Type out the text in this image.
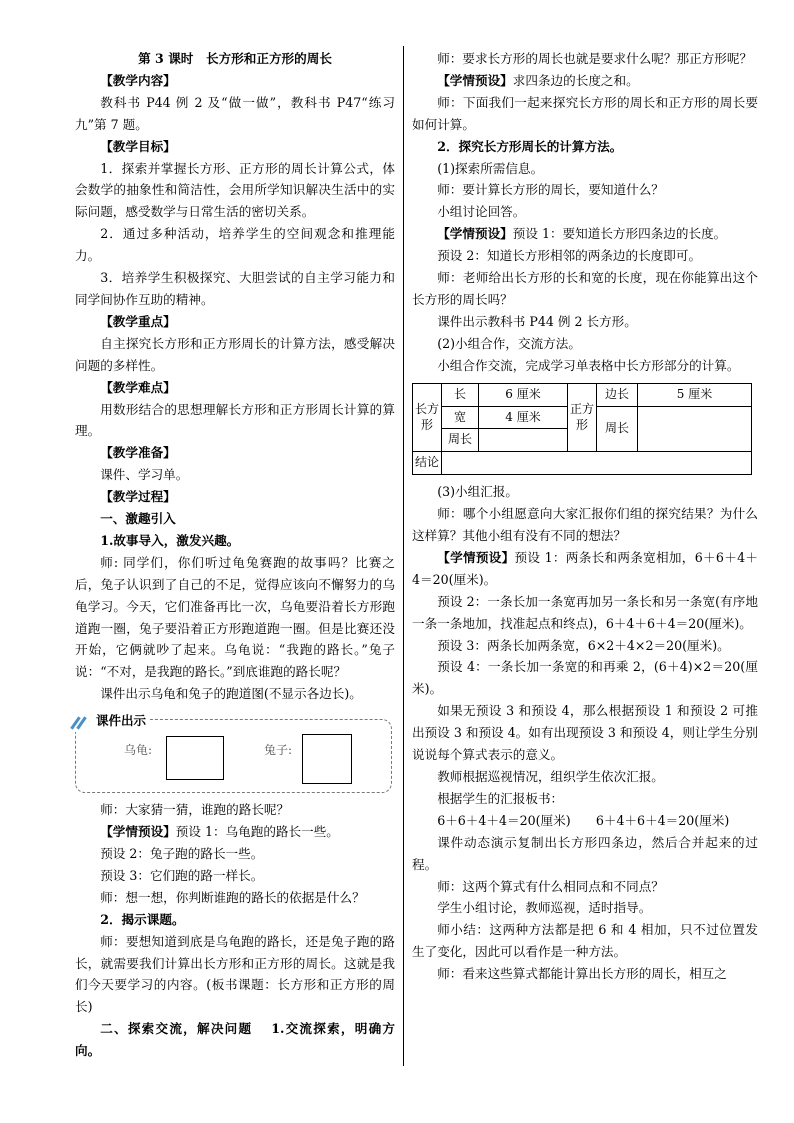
第 3 课时　长方形和正方形的周长

【教学内容】

教科书 P44 例 2 及“做一做”，教科书 P47“练习九”第 7 题。

【教学目标】

1．探索并掌握长方形、正方形的周长计算公式，体会数学的抽象性和简洁性，会用所学知识解决生活中的实际问题，感受数学与日常生活的密切关系。

2．通过多种活动，培养学生的空间观念和推理能力。

3．培养学生积极探究、大胆尝试的自主学习能力和同学间协作互助的精神。

【教学重点】

自主探究长方形和正方形周长的计算方法，感受解决问题的多样性。

【教学难点】

用数形结合的思想理解长方形和正方形周长计算的算理。

【教学准备】

课件、学习单。

【教学过程】

一、激趣引入

1.故事导入，激发兴趣。

师: 同学们，你们听过龟兔赛跑的故事吗？比赛之后，兔子认识到了自己的不足，觉得应该向不懈努力的乌龟学习。今天，它们准备再比一次，乌龟要沿着长方形跑道跑一圈，兔子要沿着正方形跑道跑一圈。但是比赛还没开始，它俩就吵了起来。乌龟说：“我跑的路长。”兔子说：“不对，是我跑的路长。”到底谁跑的路长呢？

课件出示乌龟和兔子的跑道图(不显示各边长)。

课件出示
乌龟:	兔子:

师：大家猜一猜，谁跑的路长呢？

【学情预设】预设 1：乌龟跑的路长一些。

预设 2：兔子跑的路长一些。

预设 3：它们跑的路一样长。

师：想一想，你判断谁跑的路长的依据是什么？

2．揭示课题。

师：要想知道到底是乌龟跑的路长，还是兔子跑的路长，就需要我们计算出长方形和正方形的周长。这就是我们今天要学习的内容。(板书课题：长方形和正方形的周长)

二、探索交流，解决问题   1.交流探索，明确方向。

师：要求长方形的周长也就是要求什么呢？那正方形呢？

【学情预设】求四条边的长度之和。

师：下面我们一起来探究长方形的周长和正方形的周长要如何计算。

2．探究长方形周长的计算方法。

(1)探索所需信息。

师：要计算长方形的周长，要知道什么？

小组讨论回答。

【学情预设】预设 1：要知道长方形四条边的长度。

预设 2：知道长方形相邻的两条边的长度即可。

师：老师给出长方形的长和宽的长度，现在你能算出这个长方形的周长吗？

课件出示教科书 P44 例 2 长方形。

(2)小组合作，交流方法。

小组合作交流，完成学习单表格中长方形部分的计算。

长方形	长	6 厘米	正方形	边长	5 厘米
	宽	4 厘米		周长	
	周长				
结论					

(3)小组汇报。

师：哪个小组愿意向大家汇报你们组的探究结果？为什么这样算？其他小组有没有不同的想法？

【学情预设】预设 1：两条长和两条宽相加，6＋6＋4＋4＝20(厘米)。

预设 2：一条长加一条宽再加另一条长和另一条宽(有序地一条一条地加，找准起点和终点)，6＋4＋6＋4＝20(厘米)。

预设 3：两条长加两条宽，6×2＋4×2＝20(厘米)。

预设 4：一条长加一条宽的和再乘 2，(6＋4)×2＝20(厘米)。

如果无预设 3 和预设 4，那么根据预设 1 和预设 2 可推出预设 3 和预设 4。如有出现预设 3 和预设 4，则让学生分别说说每个算式表示的意义。

教师根据巡视情况，组织学生依次汇报。

根据学生的汇报板书：

6＋6＋4＋4＝20(厘米)   6＋4＋6＋4＝20(厘米)

课件动态演示复制出长方形四条边，然后合并起来的过程。

师：这两个算式有什么相同点和不同点？

学生小组讨论，教师巡视，适时指导。

师小结：这两种方法都是把 6 和 4 相加，只不过位置发生了变化，因此可以看作是一种方法。

师：看来这些算式都能计算出长方形的周长，相互之
